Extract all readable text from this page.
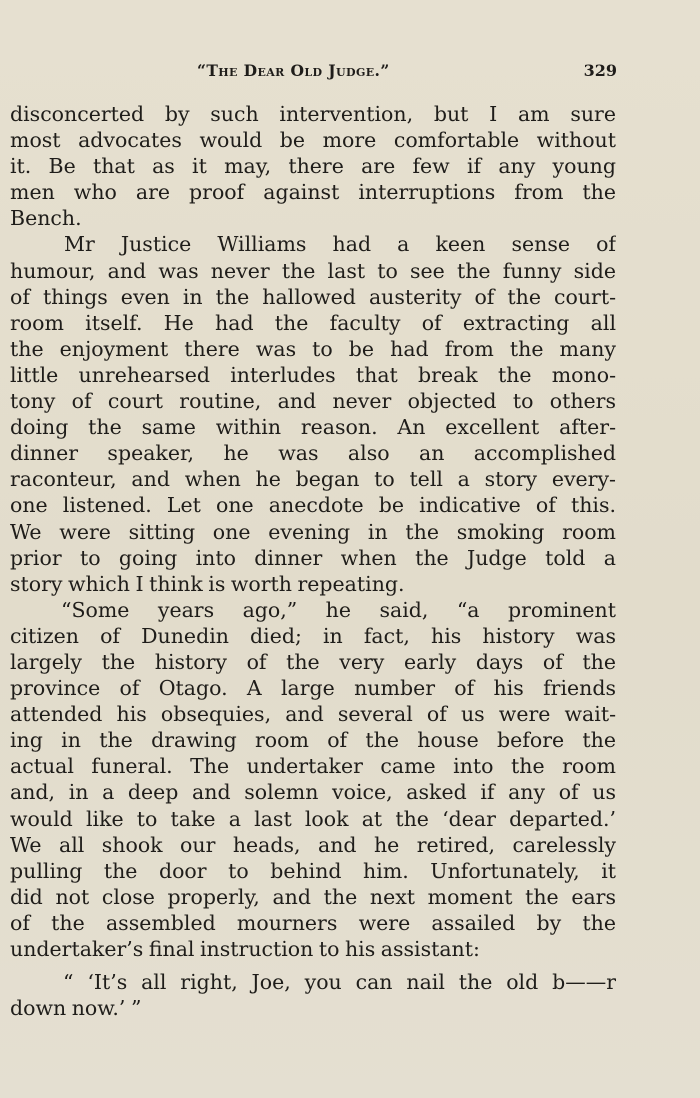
“The Dear Old Judge.”	329
disconcerted by such intervention, but I am sure
most advocates would be more comfortable without
it. Be that as it may, there are few if any young
men who are proof against interruptions from the
Bench.
Mr Justice Williams had a keen sense of
humour, and was never the last to see the funny side
of things even in the hallowed austerity of the court-
room itself. He had the faculty of extracting all
the enjoyment there was to be had from the many
little unrehearsed interludes that break the mono-
tony of court routine, and never objected to others
doing the same within reason. An excellent after-
dinner speaker, he was also an accomplished
raconteur, and when he began to tell a story every-
one listened. Let one anecdote be indicative of this.
We were sitting one evening in the smoking room
prior to going into dinner when the Judge told a
story which I think is worth repeating.
“Some years ago,” he said, “a prominent
citizen of Dunedin died; in fact, his history was
largely the history of the very early days of the
province of Otago. A large number of his friends
attended his obsequies, and several of us were wait-
ing in the drawing room of the house before the
actual funeral. The undertaker came into the room
and, in a deep and solemn voice, asked if any of us
would like to take a last look at the ‘dear departed.’
We all shook our heads, and he retired, carelessly
pulling the door to behind him. Unfortunately, it
did not close properly, and the next moment the ears
of the assembled mourners were assailed by the
undertaker’s final instruction to his assistant:
“ ‘It’s all right, Joe, you can nail the old b——r
down now.’ ”
